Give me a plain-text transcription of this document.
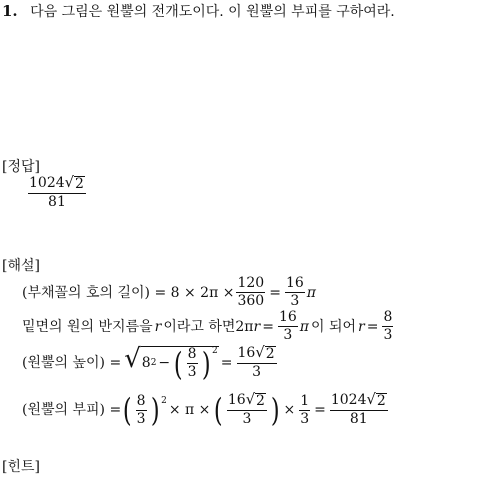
1. 다음 그림은 원뿔의 전개도이다. 이 원뿔의 부피를 구하여라.
[정답]
$\frac{1024 √ 2}{81}$
[해설]
(부채꼴의 호의 길이) = $8 \times 2\pi \times \frac{120}{360} = \frac{16}{3}$ π
밑면의 원의 반지름을 r 이라고 하면2π $r = \frac{16}{3}$ π 이 되어 $r = \frac{8}{3}$
(원뿔의 높이) = √ 8 2 − ( $\frac{8}{3}$ ) 2
= $\frac{16 √ 2}{3}$
(원뿔의 부피) = ( $\frac{8}{3}$ ) 2
× π × ( $\frac{16 √ 2}{3}$ ) × $\frac{1}{3} = \frac{1024 √ 2}{81}$
[힌트]
